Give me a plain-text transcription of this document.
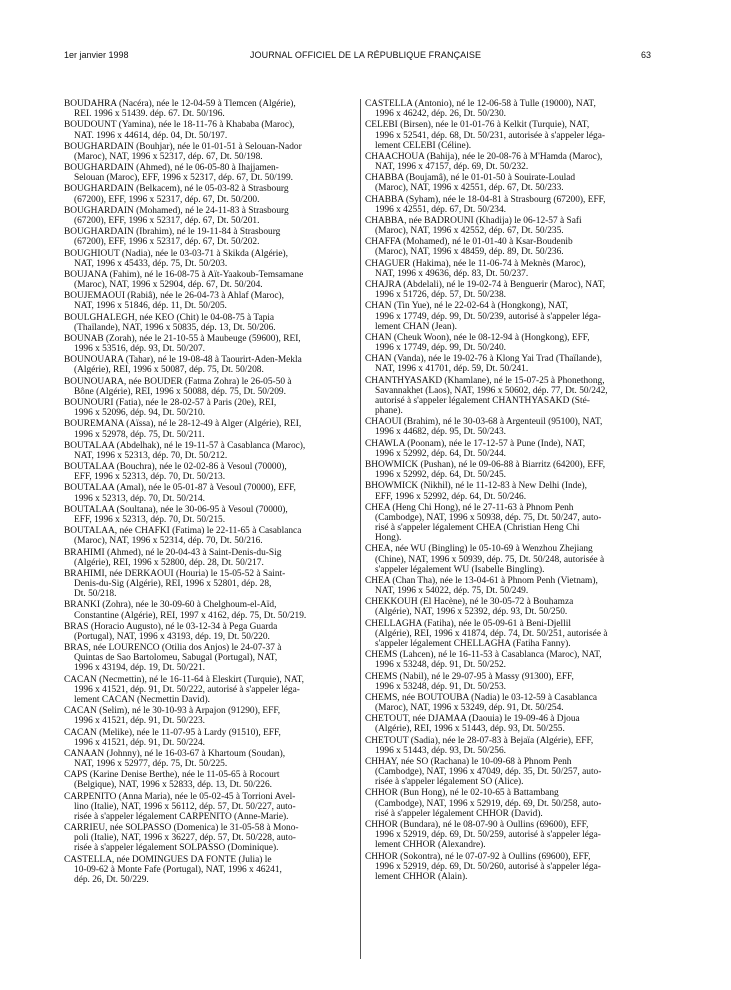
1er janvier 1998	JOURNAL OFFICIEL DE LA RÉPUBLIQUE FRANÇAISE	63
BOUDAHRA (Nacéra), née le 12-04-59 à Tlemcen (Algérie),
REI. 1996 x 51439. dép. 67. Dt. 50/196.
BOUDOUNT (Yamina), née le 18-11-76 à Khababa (Maroc),
NAT. 1996 x 44614, dép. 04, Dt. 50/197.
BOUGHARDAIN (Bouhjar), née le 01-01-51 à Selouan-Nador
(Maroc), NAT, 1996 x 52317, dép. 67, Dt. 50/198.
BOUGHARDAIN (Ahmed), né le 06-05-80 à Ihajjamen-
Selouan (Maroc), EFF, 1996 x 52317, dép. 67, Dt. 50/199.
BOUGHARDAIN (Belkacem), né le 05-03-82 à Strasbourg
(67200), EFF, 1996 x 52317, dép. 67, Dt. 50/200.
BOUGHARDAIN (Mohamed), né le 24-11-83 à Strasbourg
(67200), EFF, 1996 x 52317, dép. 67, Dt. 50/201.
BOUGHARDAIN (Ibrahim), né le 19-11-84 à Strasbourg
(67200), EFF, 1996 x 52317, dép. 67, Dt. 50/202.
BOUGHIOUT (Nadia), née le 03-03-71 à Skikda (Algérie),
NAT, 1996 x 45433, dép. 75, Dt. 50/203.
BOUJANA (Fahim), né le 16-08-75 à Aït-Yaakoub-Temsamane
(Maroc), NAT, 1996 x 52904, dép. 67, Dt. 50/204.
BOUJEMAOUI (Rabiâ), née le 26-04-73 à Ahlaf (Maroc),
NAT, 1996 x 51846, dép. 11, Dt. 50/205.
BOULGHALEGH, née KEO (Chit) le 04-08-75 à Tapia
(Thaïlande), NAT, 1996 x 50835, dép. 13, Dt. 50/206.
BOUNAB (Zorah), née le 21-10-55 à Maubeuge (59600), REI,
1996 x 53516, dép. 93, Dt. 50/207.
BOUNOUARA (Tahar), né le 19-08-48 à Taourirt-Aden-Mekla
(Algérie), REI, 1996 x 50087, dép. 75, Dt. 50/208.
BOUNOUARA, née BOUDER (Fatma Zohra) le 26-05-50 à
Bône (Algérie), REI, 1996 x 50088, dép. 75, Dt. 50/209.
BOUNOURI (Fatia), née le 28-02-57 à Paris (20e), REI,
1996 x 52096, dép. 94, Dt. 50/210.
BOUREMANA (Aïssa), né le 28-12-49 à Alger (Algérie), REI,
1996 x 52978, dép. 75, Dt. 50/211.
BOUTALAA (Abdelhak), né le 19-11-57 à Casablanca (Maroc),
NAT, 1996 x 52313, dép. 70, Dt. 50/212.
BOUTALAA (Bouchra), née le 02-02-86 à Vesoul (70000),
EFF, 1996 x 52313, dép. 70, Dt. 50/213.
BOUTALAA (Amal), née le 05-01-87 à Vesoul (70000), EFF,
1996 x 52313, dép. 70, Dt. 50/214.
BOUTALAA (Soultana), née le 30-06-95 à Vesoul (70000),
EFF, 1996 x 52313, dép. 70, Dt. 50/215.
BOUTALAA, née CHAFKI (Fatima) le 22-11-65 à Casablanca
(Maroc), NAT, 1996 x 52314, dép. 70, Dt. 50/216.
BRAHIMI (Ahmed), né le 20-04-43 à Saint-Denis-du-Sig
(Algérie), REI, 1996 x 52800, dép. 28, Dt. 50/217.
BRAHIMI, née DERKAOUI (Houria) le 15-05-52 à Saint-
Denis-du-Sig (Algérie), REI, 1996 x 52801, dép. 28,
Dt. 50/218.
BRANKI (Zohra), née le 30-09-60 à Chelghoum-el-Aïd,
Constantine (Algérie), REI, 1997 x 4162, dép. 75, Dt. 50/219.
BRAS (Horacio Augusto), né le 03-12-34 à Pega Guarda
(Portugal), NAT, 1996 x 43193, dép. 19, Dt. 50/220.
BRAS, née LOURENCO (Otilia dos Anjos) le 24-07-37 à
Quintas de Sao Bartolomeu, Sabugal (Portugal), NAT,
1996 x 43194, dép. 19, Dt. 50/221.
CACAN (Necmettin), né le 16-11-64 à Eleskirt (Turquie), NAT,
1996 x 41521, dép. 91, Dt. 50/222, autorisé à s'appeler léga-
lement CACAN (Necmettin David).
CACAN (Selim), né le 30-10-93 à Arpajon (91290), EFF,
1996 x 41521, dép. 91, Dt. 50/223.
CACAN (Melike), née le 11-07-95 à Lardy (91510), EFF,
1996 x 41521, dép. 91, Dt. 50/224.
CANAAN (Johnny), né le 16-03-67 à Khartoum (Soudan),
NAT, 1996 x 52977, dép. 75, Dt. 50/225.
CAPS (Karine Denise Berthe), née le 11-05-65 à Rocourt
(Belgique), NAT, 1996 x 52833, dép. 13, Dt. 50/226.
CARPENITO (Anna Maria), née le 05-02-45 à Torrioni Avel-
lino (Italie), NAT, 1996 x 56112, dép. 57, Dt. 50/227, auto-
risée à s'appeler légalement CARPENITO (Anne-Marie).
CARRIEU, née SOLPASSO (Domenica) le 31-05-58 à Mono-
poli (Italie), NAT, 1996 x 36227, dép. 57, Dt. 50/228, auto-
risée à s'appeler légalement SOLPASSO (Dominique).
CASTELLA, née DOMINGUES DA FONTE (Julia) le
10-09-62 à Monte Fafe (Portugal), NAT, 1996 x 46241,
dép. 26, Dt. 50/229.
CASTELLA (Antonio), né le 12-06-58 à Tulle (19000), NAT,
1996 x 46242, dép. 26, Dt. 50/230.
CELEBI (Birsen), née le 01-01-76 à Kelkit (Turquie), NAT,
1996 x 52541, dép. 68, Dt. 50/231, autorisée à s'appeler léga-
lement CELEBI (Céline).
CHAACHOUA (Bahija), née le 20-08-76 à M'Hamda (Maroc),
NAT, 1996 x 47157, dép. 69, Dt. 50/232.
CHABBA (Boujamâ), né le 01-01-50 à Souirate-Loulad
(Maroc), NAT, 1996 x 42551, dép. 67, Dt. 50/233.
CHABBA (Syham), née le 18-04-81 à Strasbourg (67200), EFF,
1996 x 42551, dép. 67, Dt. 50/234.
CHABBA, née BADROUNI (Khadija) le 06-12-57 à Safi
(Maroc), NAT, 1996 x 42552, dép. 67, Dt. 50/235.
CHAFFA (Mohamed), né le 01-01-40 à Ksar-Boudenib
(Maroc), NAT, 1996 x 48459, dép. 89, Dt. 50/236.
CHAGUER (Hakima), née le 11-06-74 à Meknès (Maroc),
NAT, 1996 x 49636, dép. 83, Dt. 50/237.
CHAJRA (Abdelali), né le 19-02-74 à Benguerir (Maroc), NAT,
1996 x 51726, dép. 57, Dt. 50/238.
CHAN (Tin Yue), né le 22-02-64 à (Hongkong), NAT,
1996 x 17749, dép. 99, Dt. 50/239, autorisé à s'appeler léga-
lement CHAN (Jean).
CHAN (Cheuk Woon), née le 08-12-94 à (Hongkong), EFF,
1996 x 17749, dép. 99, Dt. 50/240.
CHAN (Vanda), née le 19-02-76 à Klong Yai Trad (Thaïlande),
NAT, 1996 x 41701, dép. 59, Dt. 50/241.
CHANTHYASAKD (Khamlane), né le 15-07-25 à Phonethong,
Savannakhet (Laos), NAT, 1996 x 50602, dép. 77, Dt. 50/242,
autorisé à s'appeler légalement CHANTHYASAKD (Sté-
phane).
CHAOUI (Brahim), né le 30-03-68 à Argenteuil (95100), NAT,
1996 x 44682, dép. 95, Dt. 50/243.
CHAWLA (Poonam), née le 17-12-57 à Pune (Inde), NAT,
1996 x 52992, dép. 64, Dt. 50/244.
BHOWMICK (Pushan), né le 09-06-88 à Biarritz (64200), EFF,
1996 x 52992, dép. 64, Dt. 50/245.
BHOWMICK (Nikhil), né le 11-12-83 à New Delhi (Inde),
EFF, 1996 x 52992, dép. 64, Dt. 50/246.
CHEA (Heng Chi Hong), né le 27-11-63 à Phnom Penh
(Cambodge), NAT, 1996 x 50938, dép. 75, Dt. 50/247, auto-
risé à s'appeler légalement CHEA (Christian Heng Chi
Hong).
CHEA, née WU (Bingling) le 05-10-69 à Wenzhou Zhejiang
(Chine), NAT, 1996 x 50939, dép. 75, Dt. 50/248, autorisée à
s'appeler légalement WU (Isabelle Bingling).
CHEA (Chan Tha), née le 13-04-61 à Phnom Penh (Vietnam),
NAT, 1996 x 54022, dép. 75, Dt. 50/249.
CHEKKOUH (El Hacène), né le 30-05-72 à Bouhamza
(Algérie), NAT, 1996 x 52392, dép. 93, Dt. 50/250.
CHELLAGHA (Fatiha), née le 05-09-61 à Beni-Djellil
(Algérie), REI, 1996 x 41874, dép. 74, Dt. 50/251, autorisée à
s'appeler légalement CHELLAGHA (Fatiha Fanny).
CHEMS (Lahcen), né le 16-11-53 à Casablanca (Maroc), NAT,
1996 x 53248, dép. 91, Dt. 50/252.
CHEMS (Nabil), né le 29-07-95 à Massy (91300), EFF,
1996 x 53248, dép. 91, Dt. 50/253.
CHEMS, née BOUTOUBA (Nadia) le 03-12-59 à Casablanca
(Maroc), NAT, 1996 x 53249, dép. 91, Dt. 50/254.
CHETOUT, née DJAMAA (Daouia) le 19-09-46 à Djoua
(Algérie), REI, 1996 x 51443, dép. 93, Dt. 50/255.
CHETOUT (Sadia), née le 28-07-83 à Bejaïa (Algérie), EFF,
1996 x 51443, dép. 93, Dt. 50/256.
CHHAY, née SO (Rachana) le 10-09-68 à Phnom Penh
(Cambodge), NAT, 1996 x 47049, dép. 35, Dt. 50/257, auto-
risée à s'appeler légalement SO (Alice).
CHHOR (Bun Hong), né le 02-10-65 à Battambang
(Cambodge), NAT, 1996 x 52919, dép. 69, Dt. 50/258, auto-
risé à s'appeler légalement CHHOR (David).
CHHOR (Bundara), né le 08-07-90 à Oullins (69600), EFF,
1996 x 52919, dép. 69, Dt. 50/259, autorisé à s'appeler léga-
lement CHHOR (Alexandre).
CHHOR (Sokontra), né le 07-07-92 à Oullins (69600), EFF,
1996 x 52919, dép. 69, Dt. 50/260, autorisé à s'appeler léga-
lement CHHOR (Alain).
